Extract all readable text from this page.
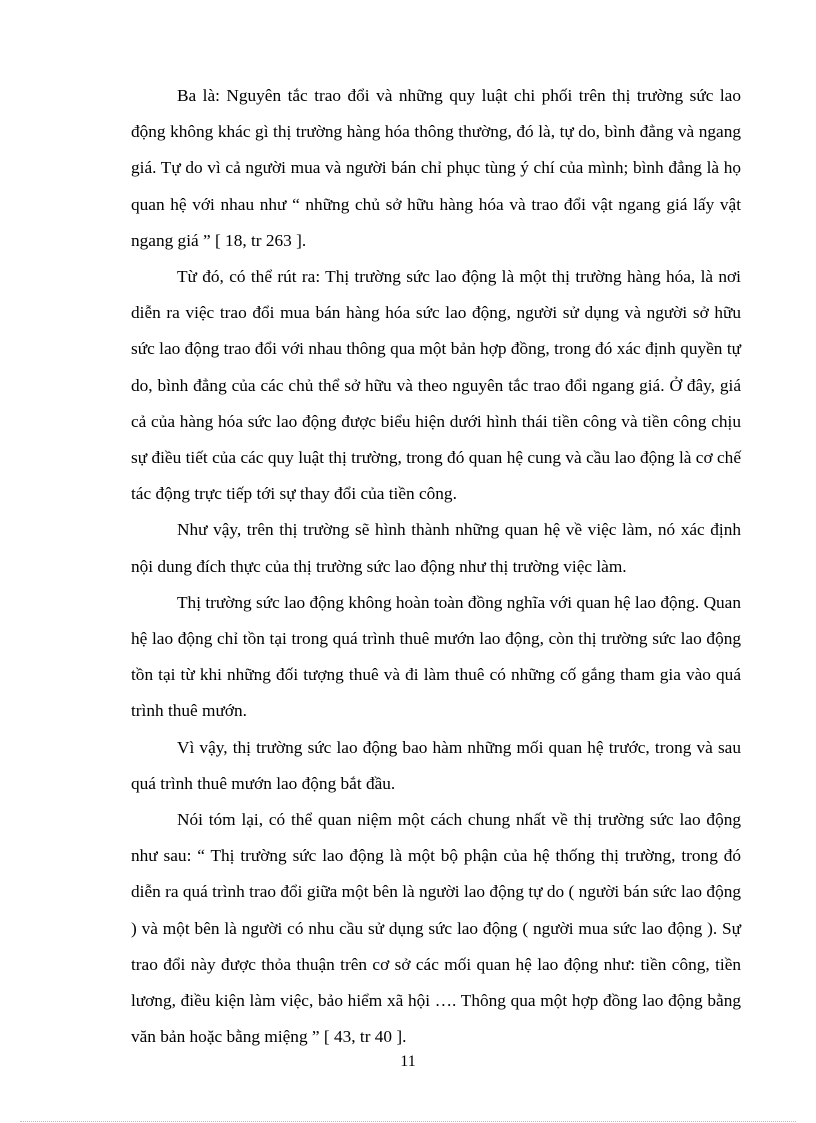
Ba là: Nguyên tắc trao đổi và những quy luật chi phối trên thị trường sức lao động không khác gì thị trường hàng hóa thông thường, đó là, tự do, bình đẳng và ngang giá. Tự do vì cả người mua và người bán chỉ phục tùng ý chí của mình; bình đẳng là họ quan hệ với nhau như “ những chủ sở hữu hàng hóa và trao đổi vật ngang giá lấy vật ngang giá ” [ 18, tr 263 ].

Từ đó, có thể rút ra: Thị trường sức lao động là một thị trường hàng hóa, là nơi diễn ra việc trao đổi mua bán hàng hóa sức lao động, người sử dụng và người sở hữu sức lao động trao đổi với nhau thông qua một bản hợp đồng, trong đó xác định quyền tự do, bình đẳng của các chủ thể sở hữu và theo nguyên tắc trao đổi ngang giá. Ở đây, giá cả của hàng hóa sức lao động được biểu hiện dưới hình thái tiền công và tiền công chịu sự điều tiết của các quy luật thị trường, trong đó quan hệ cung và cầu lao động là cơ chế tác động trực tiếp tới sự thay đổi của tiền công.

Như vậy, trên thị trường sẽ hình thành những quan hệ về việc làm, nó xác định nội dung đích thực của thị trường sức lao động như thị trường việc làm.

Thị trường sức lao động không hoàn toàn đồng nghĩa với quan hệ lao động. Quan hệ lao động chỉ tồn tại trong quá trình thuê mướn lao động, còn thị trường sức lao động tồn tại từ khi những đối tượng thuê và đi làm thuê có những cố gắng tham gia vào quá trình thuê mướn.

Vì vậy, thị trường sức lao động bao hàm những mối quan hệ trước, trong và sau quá trình thuê mướn lao động bắt đầu.

Nói tóm lại, có thể quan niệm một cách chung nhất về thị trường sức lao động như sau: “ Thị trường sức lao động là một bộ phận của hệ thống thị trường, trong đó diễn ra quá trình trao đổi giữa một bên là người lao động tự do ( người bán sức lao động ) và một bên là người có nhu cầu sử dụng sức lao động ( người mua sức lao động ). Sự trao đổi này được thỏa thuận trên cơ sở các mối quan hệ lao động như: tiền công, tiền lương, điều kiện làm việc, bảo hiểm xã hội …. Thông qua một hợp đồng lao động bằng văn bản hoặc bằng miệng ” [ 43, tr 40 ].

11
